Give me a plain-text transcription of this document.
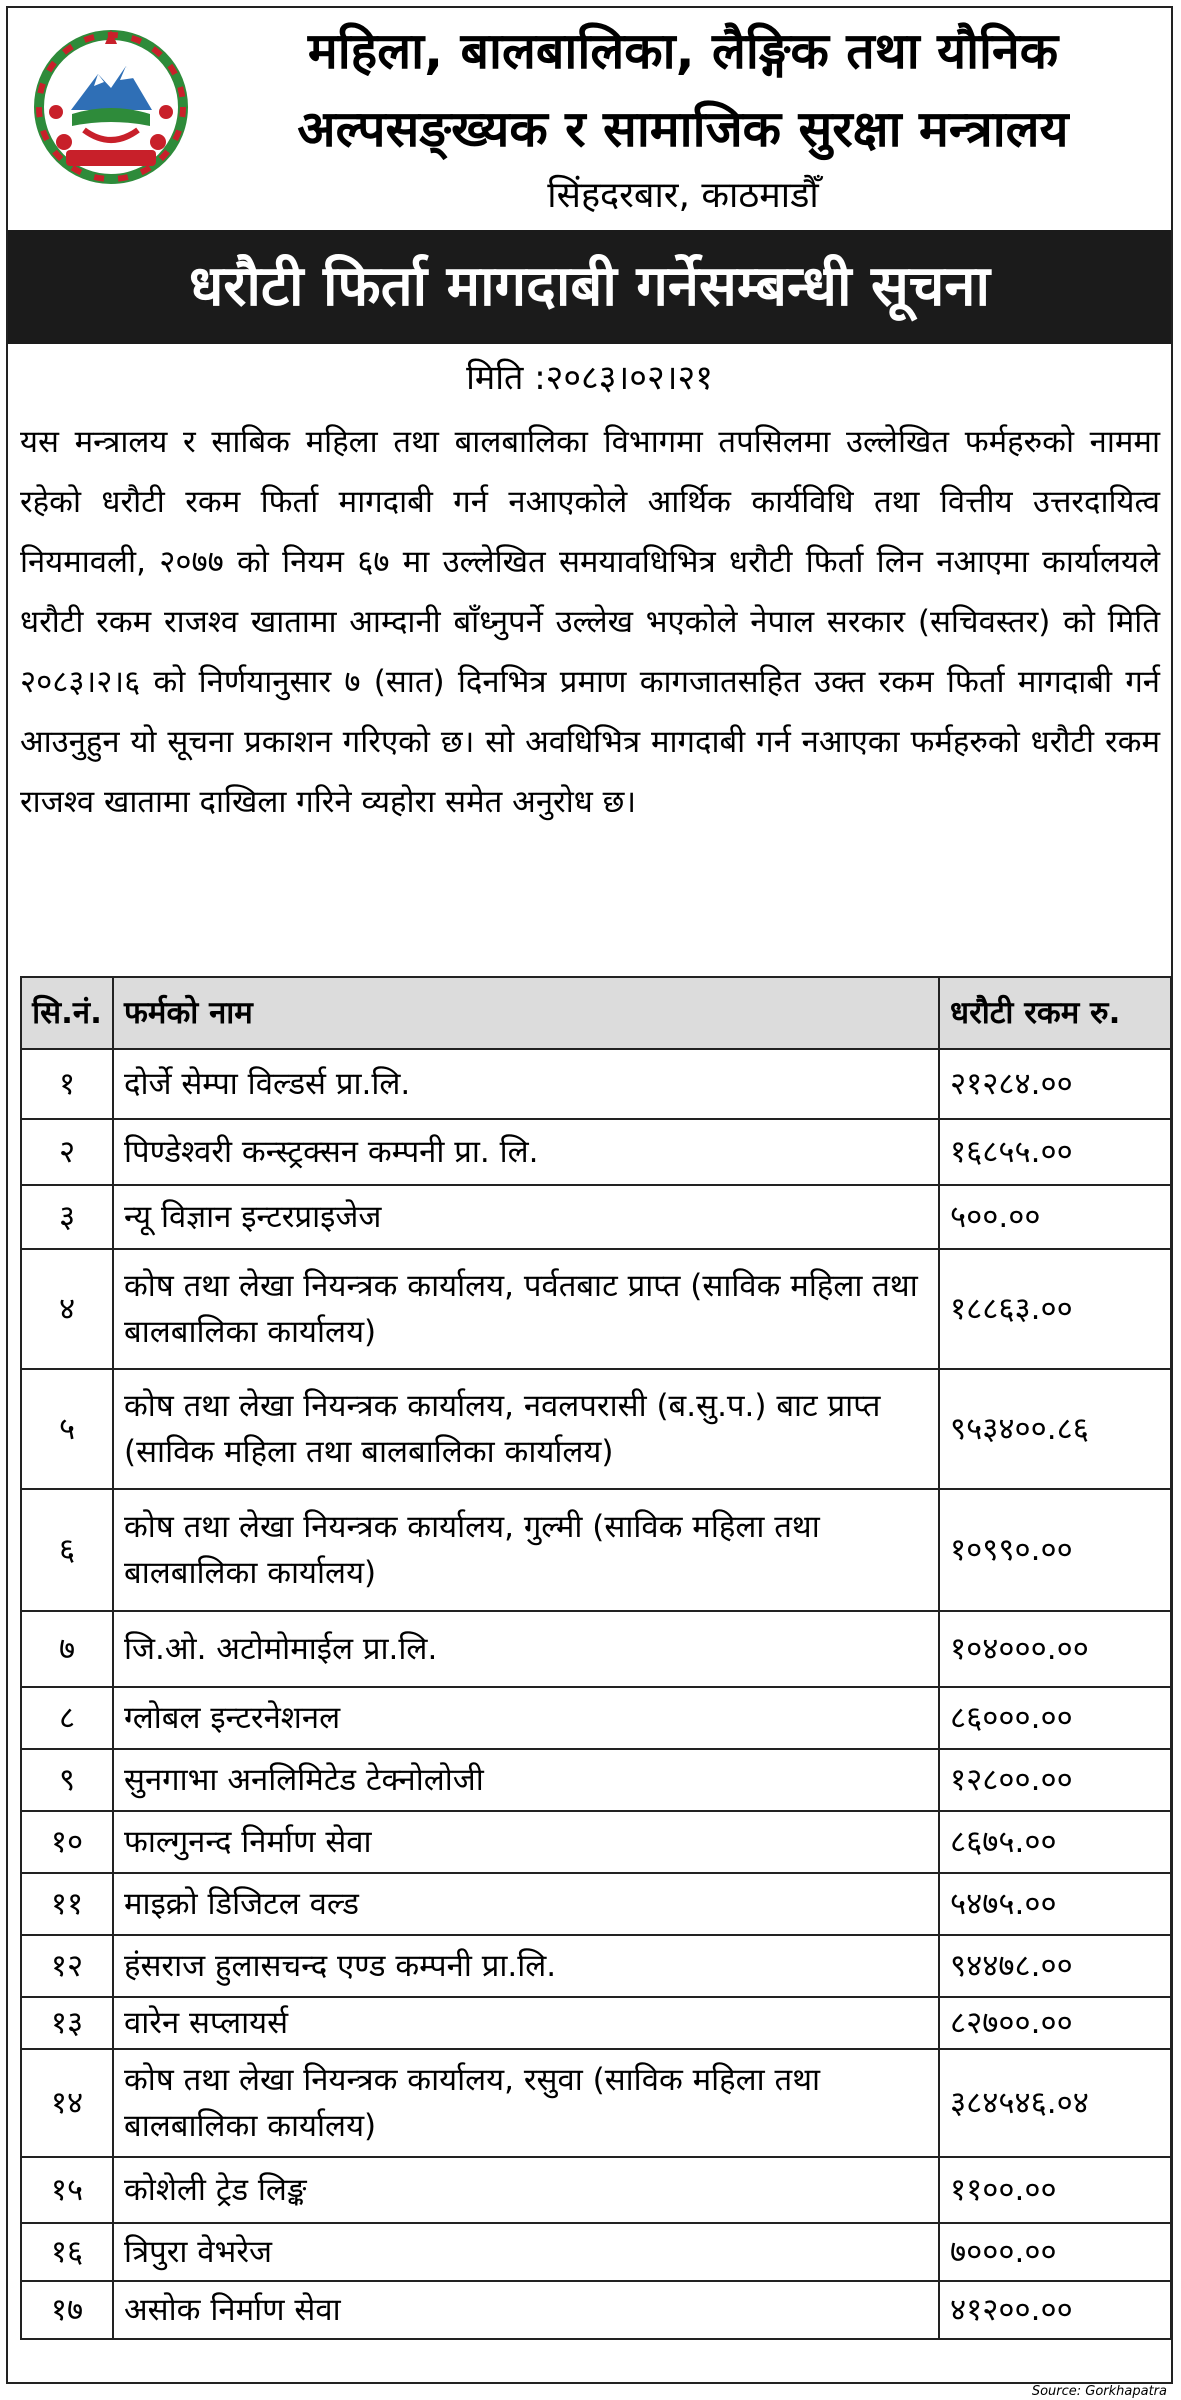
महिला, बालबालिका, लैङ्गिक तथा यौनिक
अल्पसङ्ख्यक र सामाजिक सुरक्षा मन्त्रालय
सिंहदरबार, काठमाडौँ
धरौटी फिर्ता मागदाबी गर्नेसम्बन्धी सूचना
मिति :२०८३।०२।२१
यस मन्त्रालय र साबिक महिला तथा बालबालिका विभागमा तपसिलमा उल्लेखित फर्महरुको नाममा रहेको धरौटी रकम फिर्ता मागदाबी गर्न नआएकोले आर्थिक कार्यविधि तथा वित्तीय उत्तरदायित्व नियमावली, २०७७ को नियम ६७ मा उल्लेखित समयावधिभित्र धरौटी फिर्ता लिन नआएमा कार्यालयले धरौटी रकम राजश्व खातामा आम्दानी बाँध्नुपर्ने उल्लेख भएकोले नेपाल सरकार (सचिवस्तर) को मिति २०८३।२।६ को निर्णयानुसार ७ (सात) दिनभित्र प्रमाण कागजातसहित उक्त रकम फिर्ता मागदाबी गर्न आउनुहुन यो सूचना प्रकाशन गरिएको छ। सो अवधिभित्र मागदाबी गर्न नआएका फर्महरुको धरौटी रकम राजश्व खातामा दाखिला गरिने व्यहोरा समेत अनुरोध छ।
सि.नं.	फर्मको नाम	धरौटी रकम रु.
१	दोर्जे सेम्पा विल्डर्स प्रा.लि.	२१२८४.००
२	पिण्डेश्वरी कन्स्ट्रक्सन कम्पनी प्रा. लि.	१६८५५.००
३	न्यू विज्ञान इन्टरप्राइजेज	५००.००
४	कोष तथा लेखा नियन्त्रक कार्यालय, पर्वतबाट प्राप्त (साविक महिला तथा बालबालिका कार्यालय)	१८८६३.००
५	कोष तथा लेखा नियन्त्रक कार्यालय, नवलपरासी (ब.सु.प.) बाट प्राप्त (साविक महिला तथा बालबालिका कार्यालय)	९५३४००.८६
६	कोष तथा लेखा नियन्त्रक कार्यालय, गुल्मी (साविक महिला तथा बालबालिका कार्यालय)	१०९९०.००
७	जि.ओ. अटोमोमाईल प्रा.लि.	१०४०००.००
८	ग्लोबल इन्टरनेशनल	८६०००.००
९	सुनगाभा अनलिमिटेड टेक्नोलोजी	१२८००.००
१०	फाल्गुनन्द निर्माण सेवा	८६७५.००
११	माइक्रो डिजिटल वल्ड	५४७५.००
१२	हंसराज हुलासचन्द एण्ड कम्पनी प्रा.लि.	९४४७८.००
१३	वारेन सप्लायर्स	८२७००.००
१४	कोष तथा लेखा नियन्त्रक कार्यालय, रसुवा (साविक महिला तथा बालबालिका कार्यालय)	३८४५४६.०४
१५	कोशेली ट्रेड लिङ्क	११००.००
१६	त्रिपुरा वेभरेज	७०००.००
१७	असोक निर्माण सेवा	४१२००.००
Source: Gorkhapatra
